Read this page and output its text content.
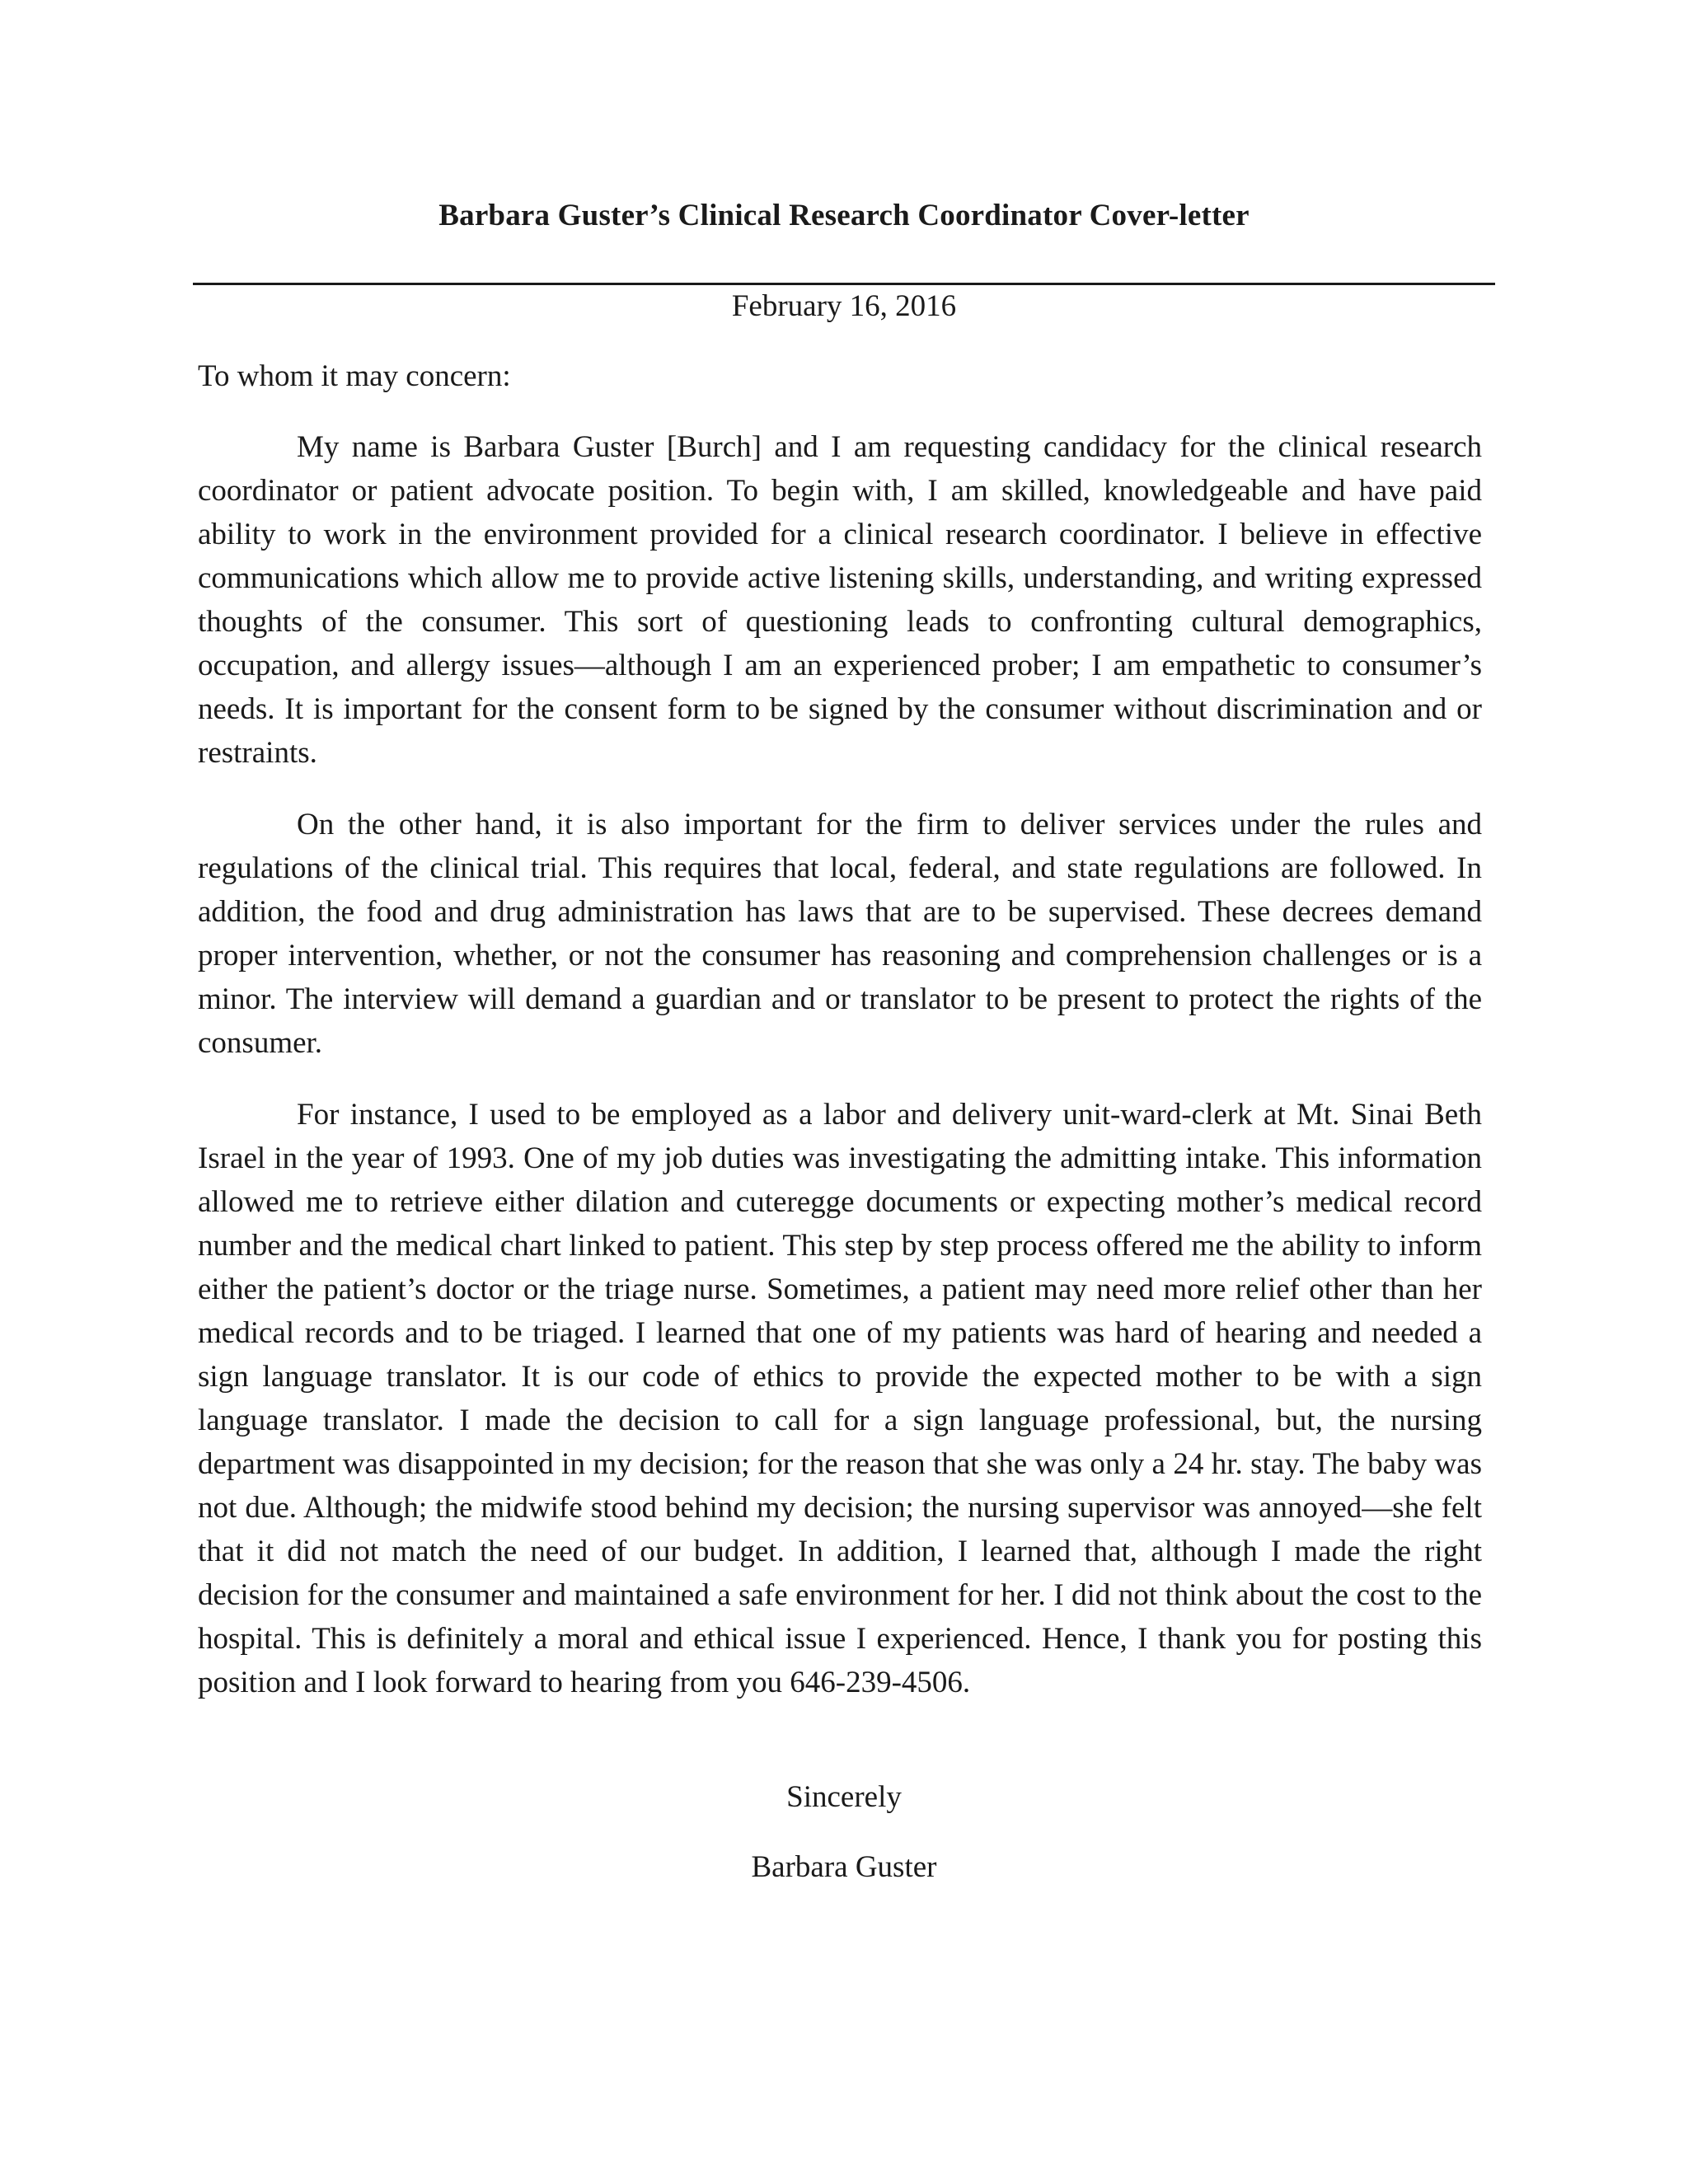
Barbara Guster’s Clinical Research Coordinator Cover-letter
February 16, 2016
To whom it may concern:

My name is Barbara Guster [Burch] and I am requesting candidacy for the clinical research coordinator or patient advocate position. To begin with, I am skilled, knowledgeable and have paid ability to work in the environment provided for a clinical research coordinator. I believe in effective communications which allow me to provide active listening skills, understanding, and writing expressed thoughts of the consumer. This sort of questioning leads to confronting cultural demographics, occupation, and allergy issues—although I am an experienced prober; I am empathetic to consumer’s needs. It is important for the consent form to be signed by the consumer without discrimination and or restraints.

On the other hand, it is also important for the firm to deliver services under the rules and regulations of the clinical trial. This requires that local, federal, and state regulations are followed. In addition, the food and drug administration has laws that are to be supervised. These decrees demand proper intervention, whether, or not the consumer has reasoning and comprehension challenges or is a minor. The interview will demand a guardian and or translator to be present to protect the rights of the consumer.

For instance, I used to be employed as a labor and delivery unit-ward-clerk at Mt. Sinai Beth Israel in the year of 1993. One of my job duties was investigating the admitting intake. This information allowed me to retrieve either dilation and cuteregge documents or expecting mother’s medical record number and the medical chart linked to patient. This step by step process offered me the ability to inform either the patient’s doctor or the triage nurse. Sometimes, a patient may need more relief other than her medical records and to be triaged. I learned that one of my patients was hard of hearing and needed a sign language translator. It is our code of ethics to provide the expected mother to be with a sign language translator. I made the decision to call for a sign language professional, but, the nursing department was disappointed in my decision; for the reason that she was only a 24 hr. stay. The baby was not due. Although; the midwife stood behind my decision; the nursing supervisor was annoyed—she felt that it did not match the need of our budget. In addition, I learned that, although I made the right decision for the consumer and maintained a safe environment for her. I did not think about the cost to the hospital. This is definitely a moral and ethical issue I experienced. Hence, I thank you for posting this position and I look forward to hearing from you 646-239-4506.

Sincerely
Barbara Guster
